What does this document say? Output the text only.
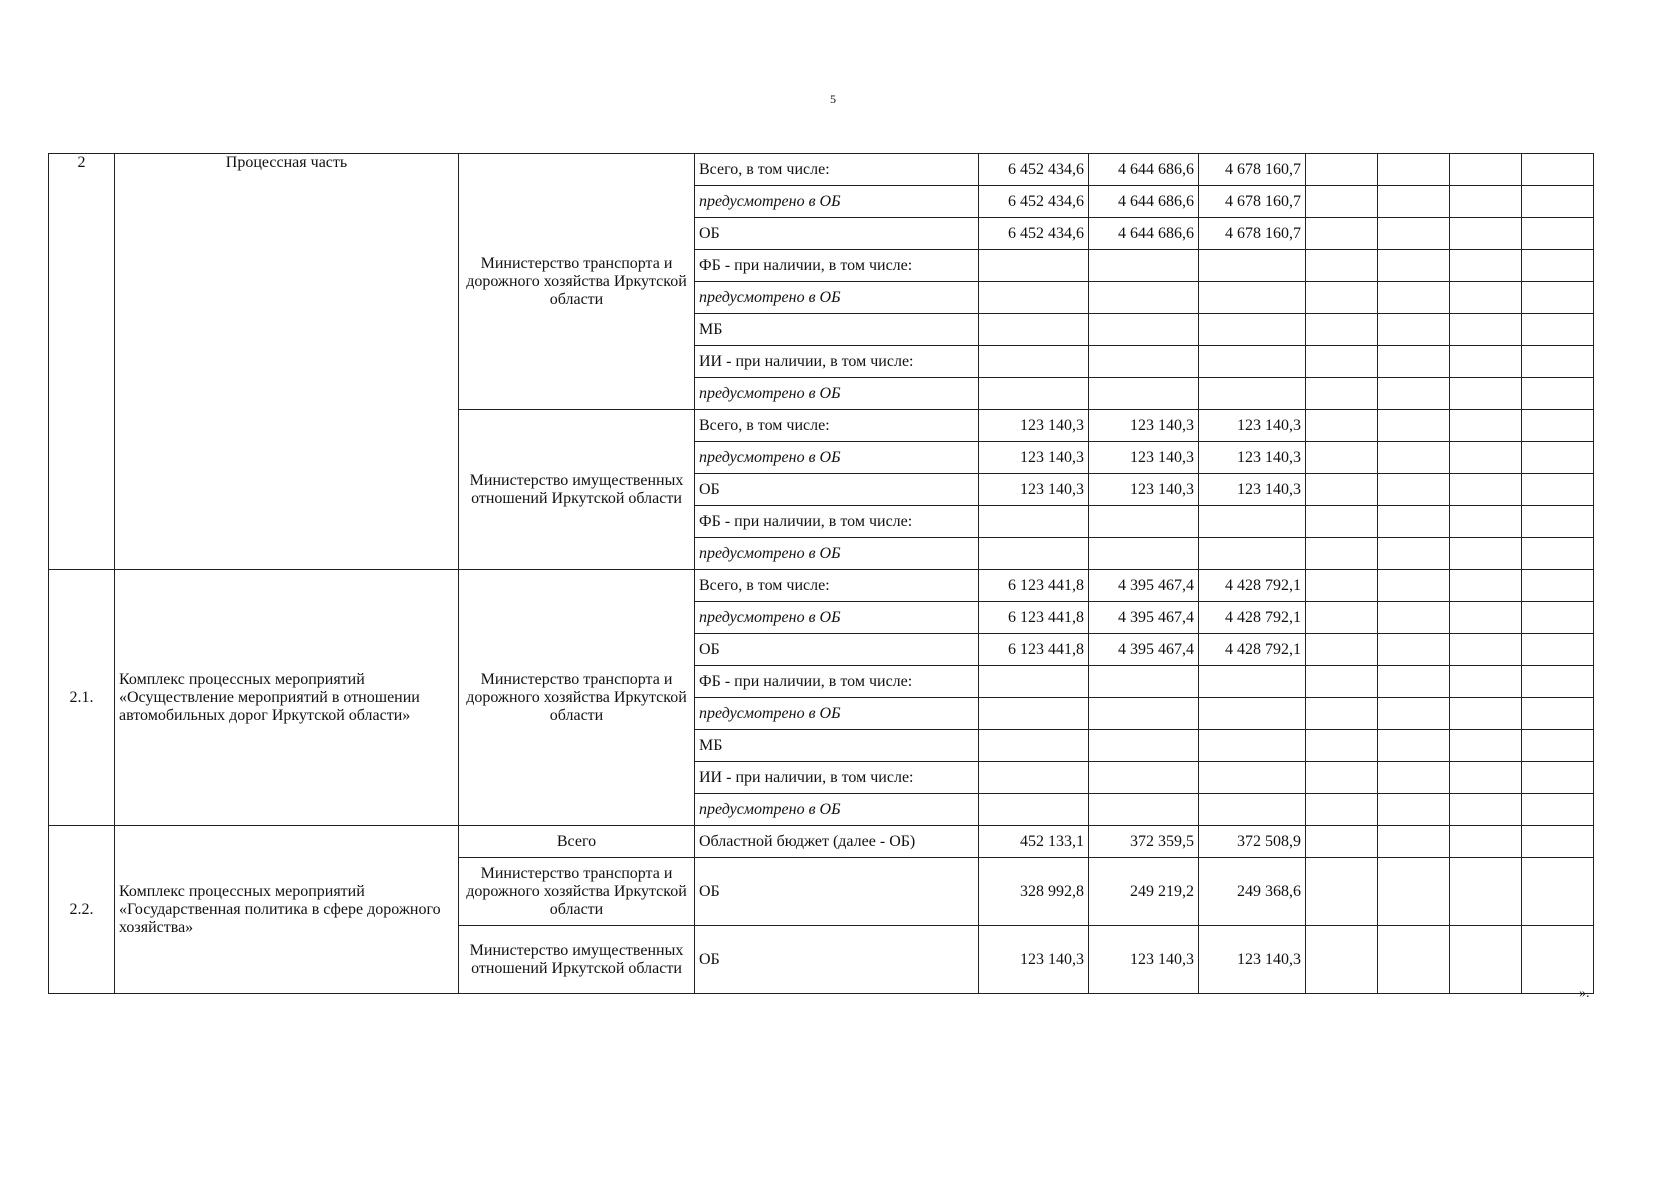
5
2	Процессная часть	Министерство транспорта и дорожного хозяйства Иркутской области	Всего, в том числе:	6 452 434,6	4 644 686,6	4 678 160,7				
			предусмотрено в ОБ	6 452 434,6	4 644 686,6	4 678 160,7				
			ОБ	6 452 434,6	4 644 686,6	4 678 160,7				
			ФБ - при наличии, в том числе:							
			предусмотрено в ОБ							
			МБ							
			ИИ - при наличии, в том числе:							
			предусмотрено в ОБ							
		Министерство имущественных отношений Иркутской области	Всего, в том числе:	123 140,3	123 140,3	123 140,3				
			предусмотрено в ОБ	123 140,3	123 140,3	123 140,3				
			ОБ	123 140,3	123 140,3	123 140,3				
			ФБ - при наличии, в том числе:							
			предусмотрено в ОБ							
2.1.	Комплекс процессных мероприятий «Осуществление мероприятий в отношении автомобильных дорог Иркутской области»	Министерство транспорта и дорожного хозяйства Иркутской области	Всего, в том числе:	6 123 441,8	4 395 467,4	4 428 792,1				
			предусмотрено в ОБ	6 123 441,8	4 395 467,4	4 428 792,1				
			ОБ	6 123 441,8	4 395 467,4	4 428 792,1				
			ФБ - при наличии, в том числе:							
			предусмотрено в ОБ							
			МБ							
			ИИ - при наличии, в том числе:							
			предусмотрено в ОБ							
2.2.	Комплекс процессных мероприятий «Государственная политика в сфере дорожного хозяйства»	Всего	Областной бюджет (далее - ОБ)	452 133,1	372 359,5	372 508,9				
		Министерство транспорта и дорожного хозяйства Иркутской области	ОБ	328 992,8	249 219,2	249 368,6				
		Министерство имущественных отношений Иркутской области	ОБ	123 140,3	123 140,3	123 140,3				
».
